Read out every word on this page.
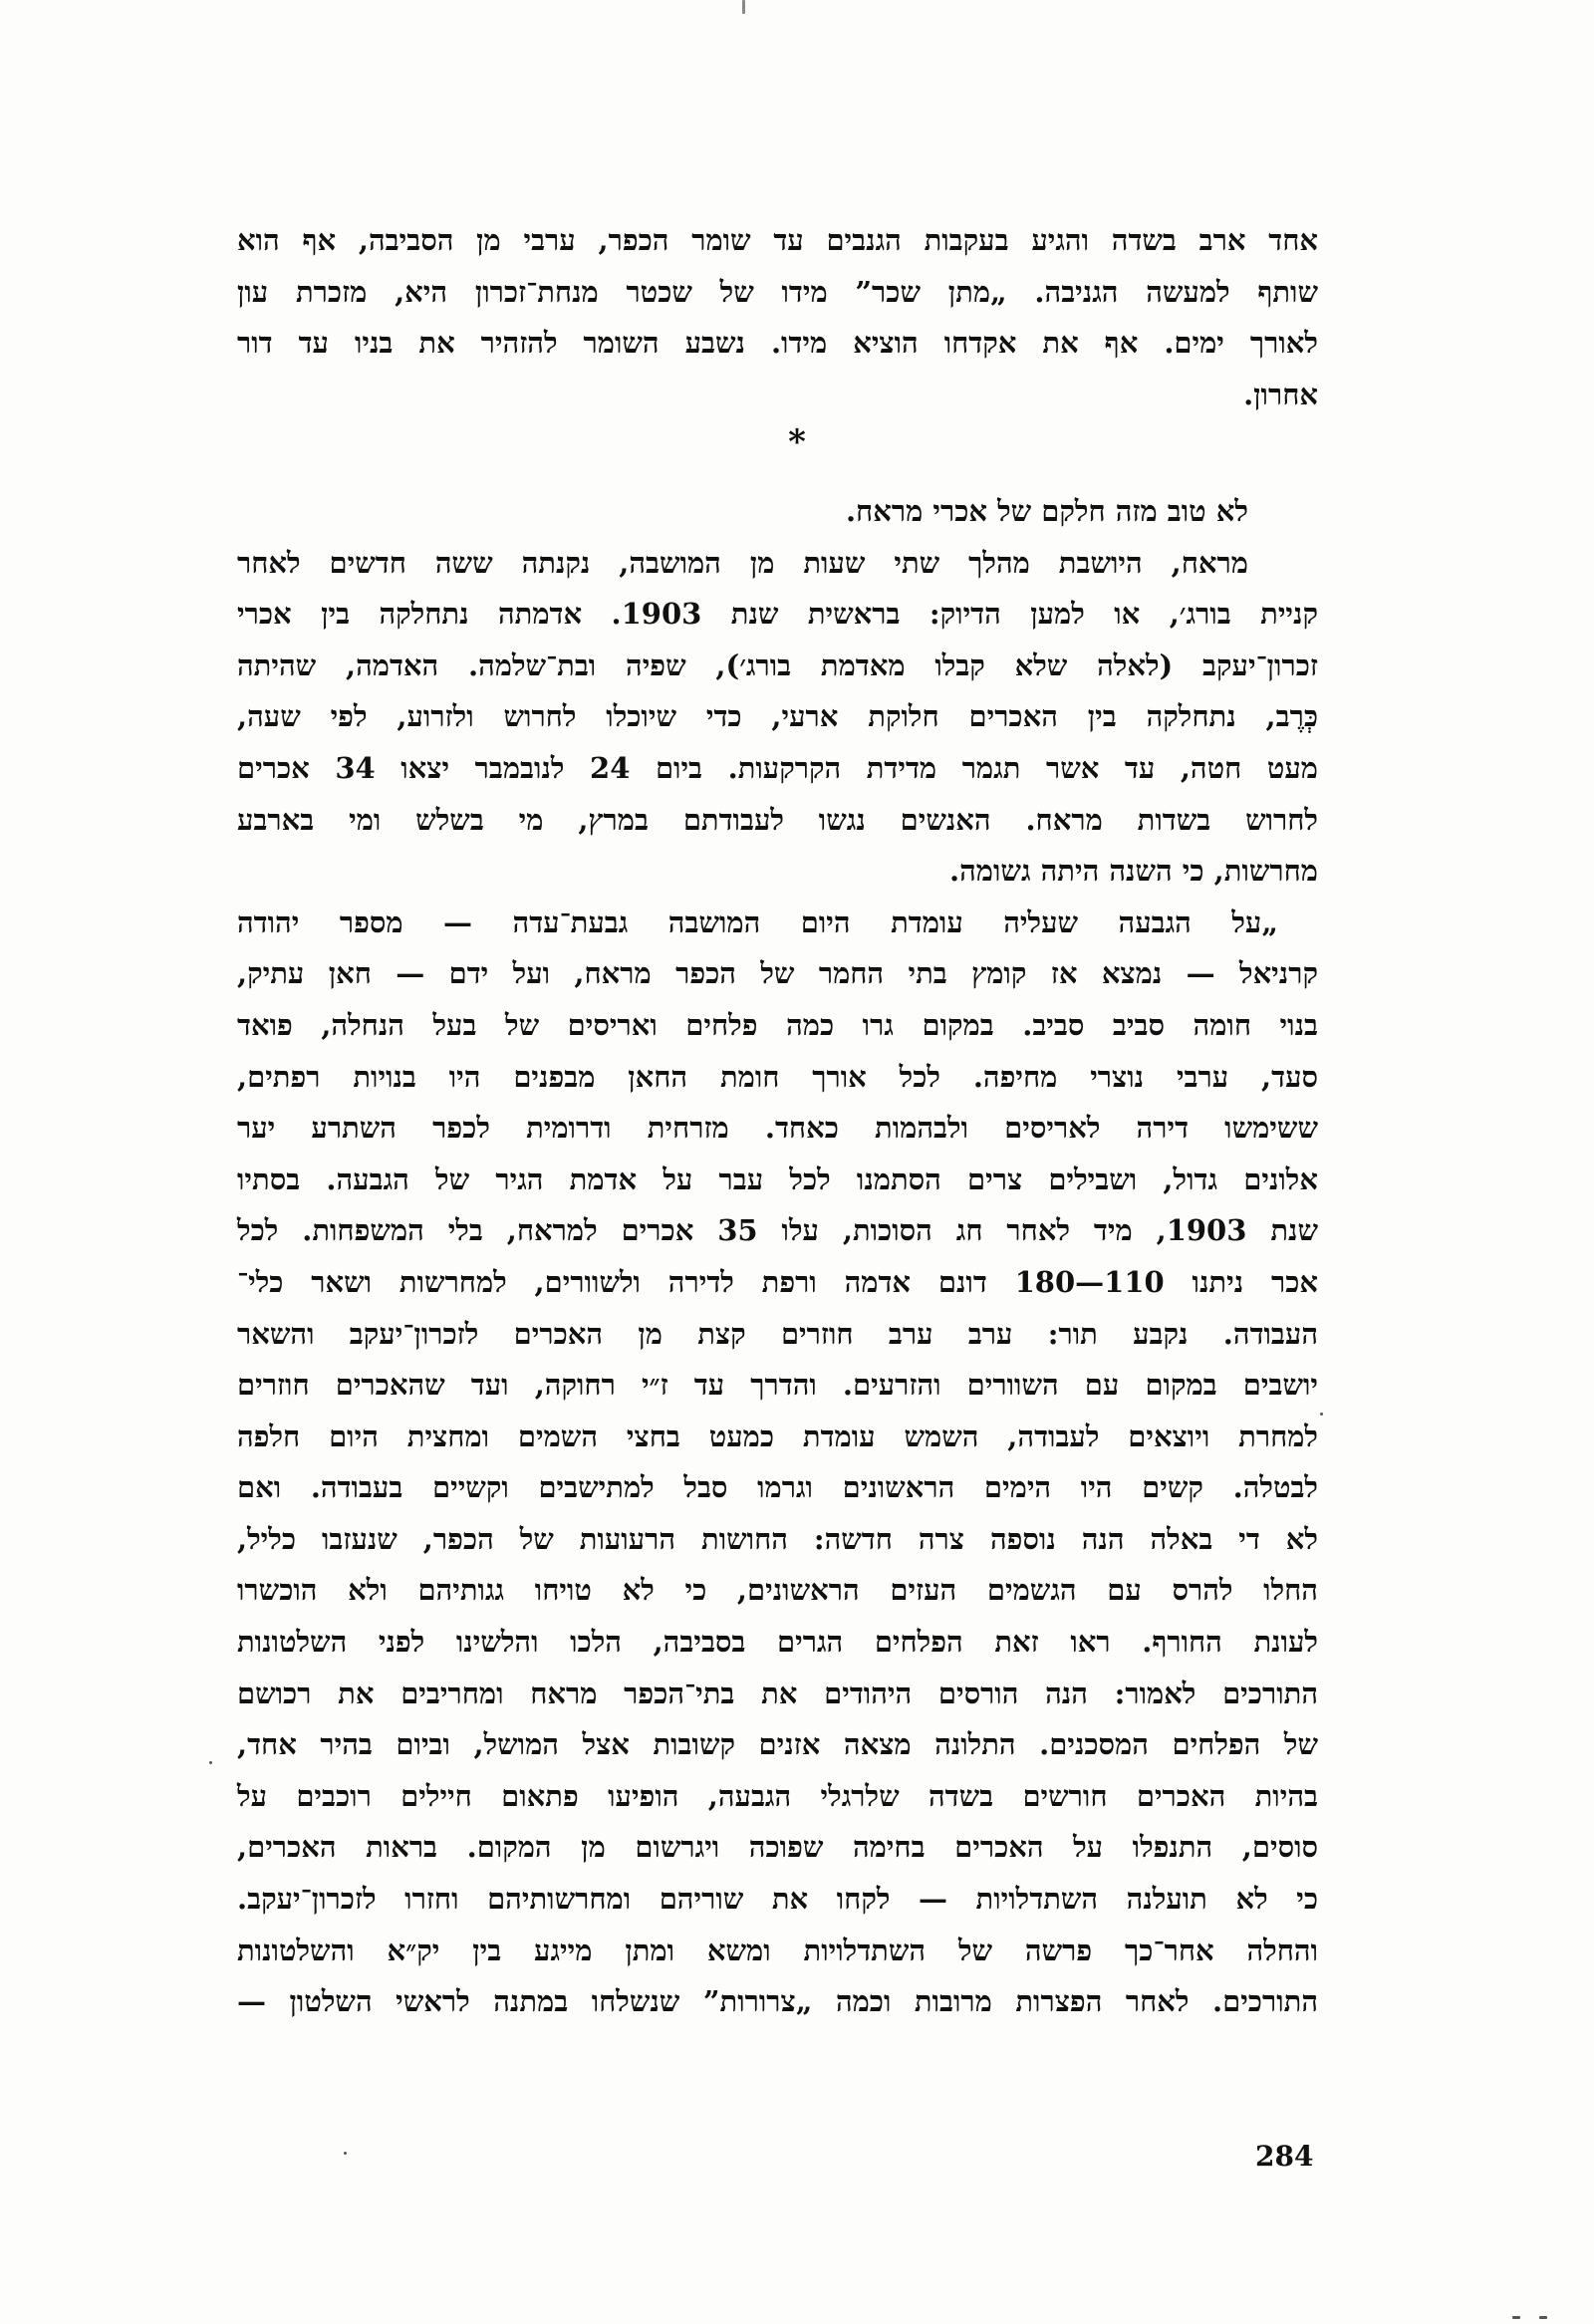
אחד ארב בשדה והגיע בעקבות הגנבים עד שומר הכפר, ערבי מן הסביבה, אף הוא
שותף למעשה הגניבה. „מתן שכר” מידו של שכטר מנחת־זכרון היא, מזכרת עון
לאורך ימים. אף את אקדחו הוציא מידו. נשבע השומר להזהיר את בניו עד דור
אחרון.
*
לא טוב מזה חלקם של אכרי מראח.
מראח, היושבת מהלך שתי שעות מן המושבה, נקנתה ששה חדשים לאחר
קניית בורג׳, או למען הדיוק: בראשית שנת 1903. אדמתה נתחלקה בין אכרי
זכרון־יעקב (לאלה שלא קבלו מאדמת בורג׳), שפיה ובת־שלמה. האדמה, שהיתה
כְּרֶב, נתחלקה בין האכרים חלוקת ארעי, כדי שיוכלו לחרוש ולזרוע, לפי שעה,
מעט חטה, עד אשר תגמר מדידת הקרקעות. ביום 24 לנובמבר יצאו 34 אכרים
לחרוש בשדות מראח. האנשים נגשו לעבודתם במרץ, מי בשלש ומי בארבע
מחרשות, כי השנה היתה גשומה.
„על הגבעה שעליה עומדת היום המושבה גבעת־עדה — מספר יהודה
קרניאל — נמצא אז קומץ בתי החמר של הכפר מראח, ועל ידם — חאן עתיק,
בנוי חומה סביב סביב. במקום גרו כמה פלחים ואריסים של בעל הנחלה, פואד
סעד, ערבי נוצרי מחיפה. לכל אורך חומת החאן מבפנים היו בנויות רפתים,
ששימשו דירה לאריסים ולבהמות כאחד. מזרחית ודרומית לכפר השתרע יער
אלונים גדול, ושבילים צרים הסתמנו לכל עבר על אדמת הגיר של הגבעה. בסתיו
שנת 1903, מיד לאחר חג הסוכות, עלו 35 אכרים למראח, בלי המשפחות. לכל
אכר ניתנו 110—180 דונם אדמה ורפת לדירה ולשוורים, למחרשות ושאר כלי־
העבודה. נקבע תור: ערב ערב חוזרים קצת מן האכרים לזכרון־יעקב והשאר
יושבים במקום עם השוורים והזרעים. והדרך עד ז״י רחוקה, ועד שהאכרים חוזרים
למחרת ויוצאים לעבודה, השמש עומדת כמעט בחצי השמים ומחצית היום חלפה
לבטלה. קשים היו הימים הראשונים וגרמו סבל למתישבים וקשיים בעבודה. ואם
לא די באלה הנה נוספה צרה חדשה: החושות הרעועות של הכפר, שנעזבו כליל,
החלו להרס עם הגשמים העזים הראשונים, כי לא טויחו גגותיהם ולא הוכשרו
לעונת החורף. ראו זאת הפלחים הגרים בסביבה, הלכו והלשינו לפני השלטונות
התורכים לאמור: הנה הורסים היהודים את בתי־הכפר מראח ומחריבים את רכושם
של הפלחים המסכנים. התלונה מצאה אזנים קשובות אצל המושל, וביום בהיר אחד,
בהיות האכרים חורשים בשדה שלרגלי הגבעה, הופיעו פתאום חיילים רוכבים על
סוסים, התנפלו על האכרים בחימה שפוכה ויגרשום מן המקום. בראות האכרים,
כי לא תועלנה השתדלויות — לקחו את שוריהם ומחרשותיהם וחזרו לזכרון־יעקב.
והחלה אחר־כך פרשה של השתדלויות ומשא ומתן מייגע בין יק״א והשלטונות
התורכים. לאחר הפצרות מרובות וכמה „צרורות” שנשלחו במתנה לראשי השלטון —
284
